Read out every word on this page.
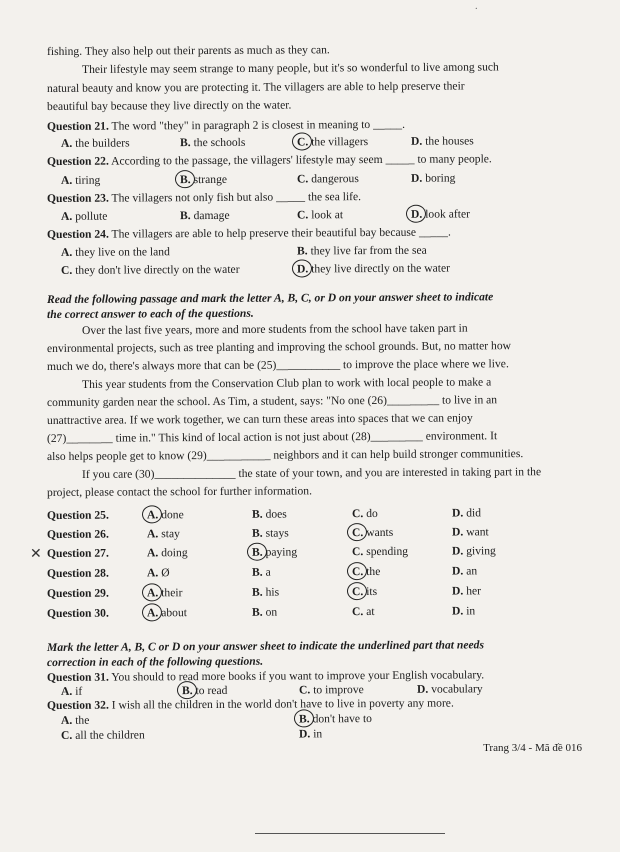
·
fishing. They also help out their parents as much as they can.
Their lifestyle may seem strange to many people, but it's so wonderful to live among such
natural beauty and know you are protecting it. The villagers are able to help preserve their
beautiful bay because they live directly on the water.
Question 21. The word "they" in paragraph 2 is closest in meaning to _____.
A. the builders	B. the schools	C. the villagers	D. the houses
Question 22. According to the passage, the villagers' lifestyle may seem _____ to many people.
A. tiring	B. strange	C. dangerous	D. boring
Question 23. The villagers not only fish but also _____ the sea life.
A. pollute	B. damage	C. look at	D. look after
Question 24. The villagers are able to help preserve their beautiful bay because _____.
A. they live on the land	B. they live far from the sea
C. they don't live directly on the water	D. they live directly on the water
Read the following passage and mark the letter A, B, C, or D on your answer sheet to indicate
the correct answer to each of the questions.
Over the last five years, more and more students from the school have taken part in
environmental projects, such as tree planting and improving the school grounds. But, no matter how
much we do, there's always more that can be (25)___________ to improve the place where we live.
This year students from the Conservation Club plan to work with local people to make a
community garden near the school. As Tim, a student, says: "No one (26)_________ to live in an
unattractive area. If we work together, we can turn these areas into spaces that we can enjoy
(27)________ time in." This kind of local action is not just about (28)_________ environment. It
also helps people get to know (29)___________ neighbors and it can help build stronger communities.
If you care (30)______________ the state of your town, and you are interested in taking part in the
project, please contact the school for further information.
✕
Question 25.	A. done	B. does	C. do	D. did
Question 26.	A. stay	B. stays	C. wants	D. want
Question 27.	A. doing	B. paying	C. spending	D. giving
Question 28.	A. Ø	B. a	C. the	D. an
Question 29.	A. their	B. his	C. its	D. her
Question 30.	A. about	B. on	C. at	D. in
Mark the letter A, B, C or D on your answer sheet to indicate the underlined part that needs
correction in each of the following questions.
Question 31. You should to read more books if you want to improve your English vocabulary.
A. if	B. to read	C. to improve	D. vocabulary
Question 32. I wish all the children in the world don't have to live in poverty any more.
A. the	B. don't have to
C. all the children	D. in
Trang 3/4 - Mã đề 016
